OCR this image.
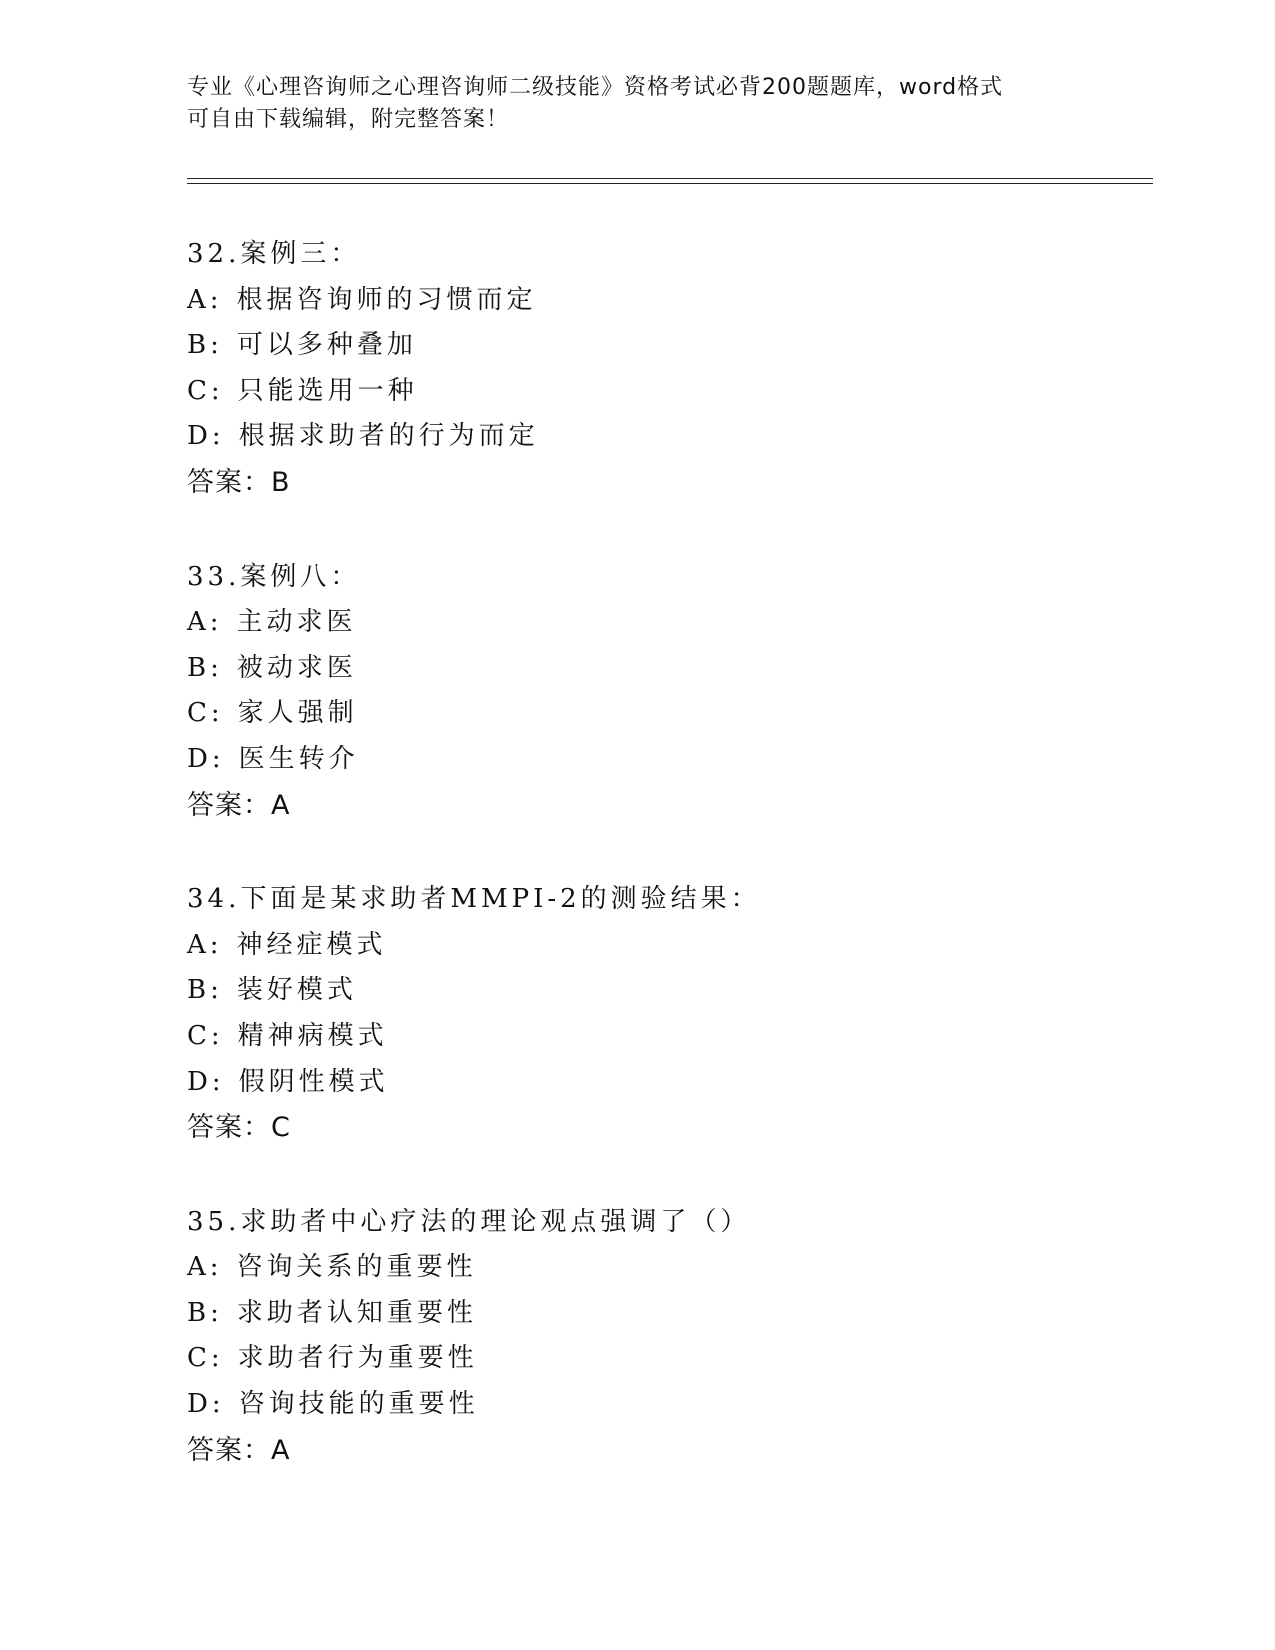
专业《心理咨询师之心理咨询师二级技能》资格考试必背200题题库，word格式
可自由下载编辑，附完整答案！
32.案例三：
A: 根据咨询师的习惯而定
B: 可以多种叠加
C: 只能选用一种
D: 根据求助者的行为而定
答案：B
33.案例八：
A: 主动求医
B: 被动求医
C: 家人强制
D: 医生转介
答案：A
34.下面是某求助者MMPI-2的测验结果：
A: 神经症模式
B: 装好模式
C: 精神病模式
D: 假阴性模式
答案：C
35.求助者中心疗法的理论观点强调了（）
A: 咨询关系的重要性
B: 求助者认知重要性
C: 求助者行为重要性
D: 咨询技能的重要性
答案：A
